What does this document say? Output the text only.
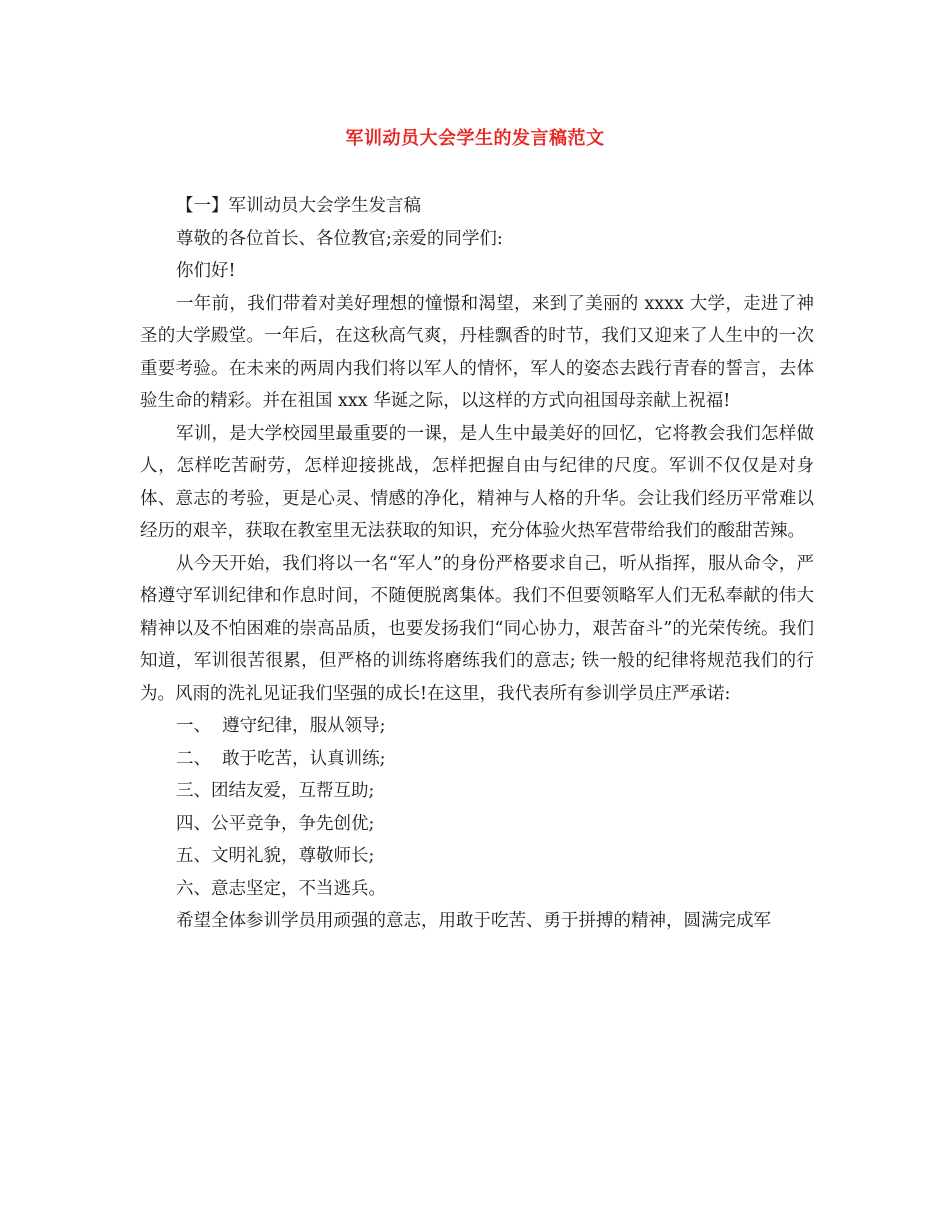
军训动员大会学生的发言稿范文

【一】军训动员大会学生发言稿

尊敬的各位首长、各位教官;亲爱的同学们:

你们好!

一年前，我们带着对美好理想的憧憬和渴望，来到了美丽的 xxxx 大学，走进了神圣的大学殿堂。一年后，在这秋高气爽，丹桂飘香的时节，我们又迎来了人生中的一次重要考验。在未来的两周内我们将以军人的情怀，军人的姿态去践行青春的誓言，去体验生命的精彩。并在祖国 xxx 华诞之际，以这样的方式向祖国母亲献上祝福!

军训，是大学校园里最重要的一课，是人生中最美好的回忆，它将教会我们怎样做人，怎样吃苦耐劳，怎样迎接挑战，怎样把握自由与纪律的尺度。军训不仅仅是对身体、意志的考验，更是心灵、情感的净化，精神与人格的升华。会让我们经历平常难以经历的艰辛，获取在教室里无法获取的知识，充分体验火热军营带给我们的酸甜苦辣。

从今天开始，我们将以一名“军人”的身份严格要求自己，听从指挥，服从命令，严格遵守军训纪律和作息时间，不随便脱离集体。我们不但要领略军人们无私奉献的伟大精神以及不怕困难的崇高品质，也要发扬我们“同心协力，艰苦奋斗”的光荣传统。我们知道，军训很苦很累，但严格的训练将磨练我们的意志; 铁一般的纪律将规范我们的行为。风雨的洗礼见证我们坚强的成长!在这里，我代表所有参训学员庄严承诺:

一、  遵守纪律，服从领导;

二、  敢于吃苦，认真训练;

三、团结友爱，互帮互助;

四、公平竞争，争先创优;

五、文明礼貌，尊敬师长;

六、意志坚定，不当逃兵。

希望全体参训学员用顽强的意志，用敢于吃苦、勇于拼搏的精神，圆满完成军
